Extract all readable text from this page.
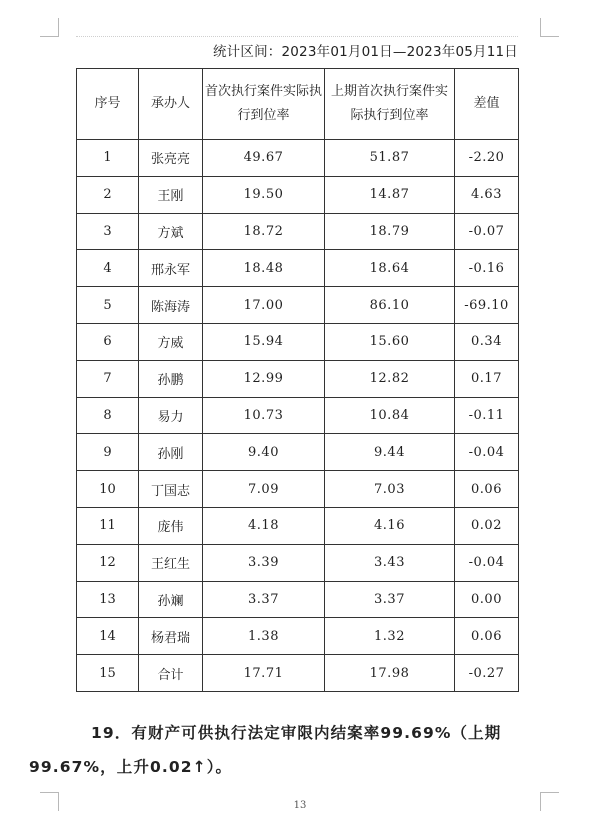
统计区间：2023年01月01日—2023年05月11日
序号	承办人	首次执行案件实际执行到位率	上期首次执行案件实际执行到位率	差值
1	张亮亮	49.67	51.87	-2.20
2	王刚	19.50	14.87	4.63
3	方斌	18.72	18.79	-0.07
4	邢永军	18.48	18.64	-0.16
5	陈海涛	17.00	86.10	-69.10
6	方威	15.94	15.60	0.34
7	孙鹏	12.99	12.82	0.17
8	易力	10.73	10.84	-0.11
9	孙刚	9.40	9.44	-0.04
10	丁国志	7.09	7.03	0.06
11	庞伟	4.18	4.16	0.02
12	王红生	3.39	3.43	-0.04
13	孙斓	3.37	3.37	0.00
14	杨君瑞	1.38	1.32	0.06
15	合计	17.71	17.98	-0.27
19．有财产可供执行法定审限内结案率99.69%（上期
99.67%，上升0.02↑）。
13
